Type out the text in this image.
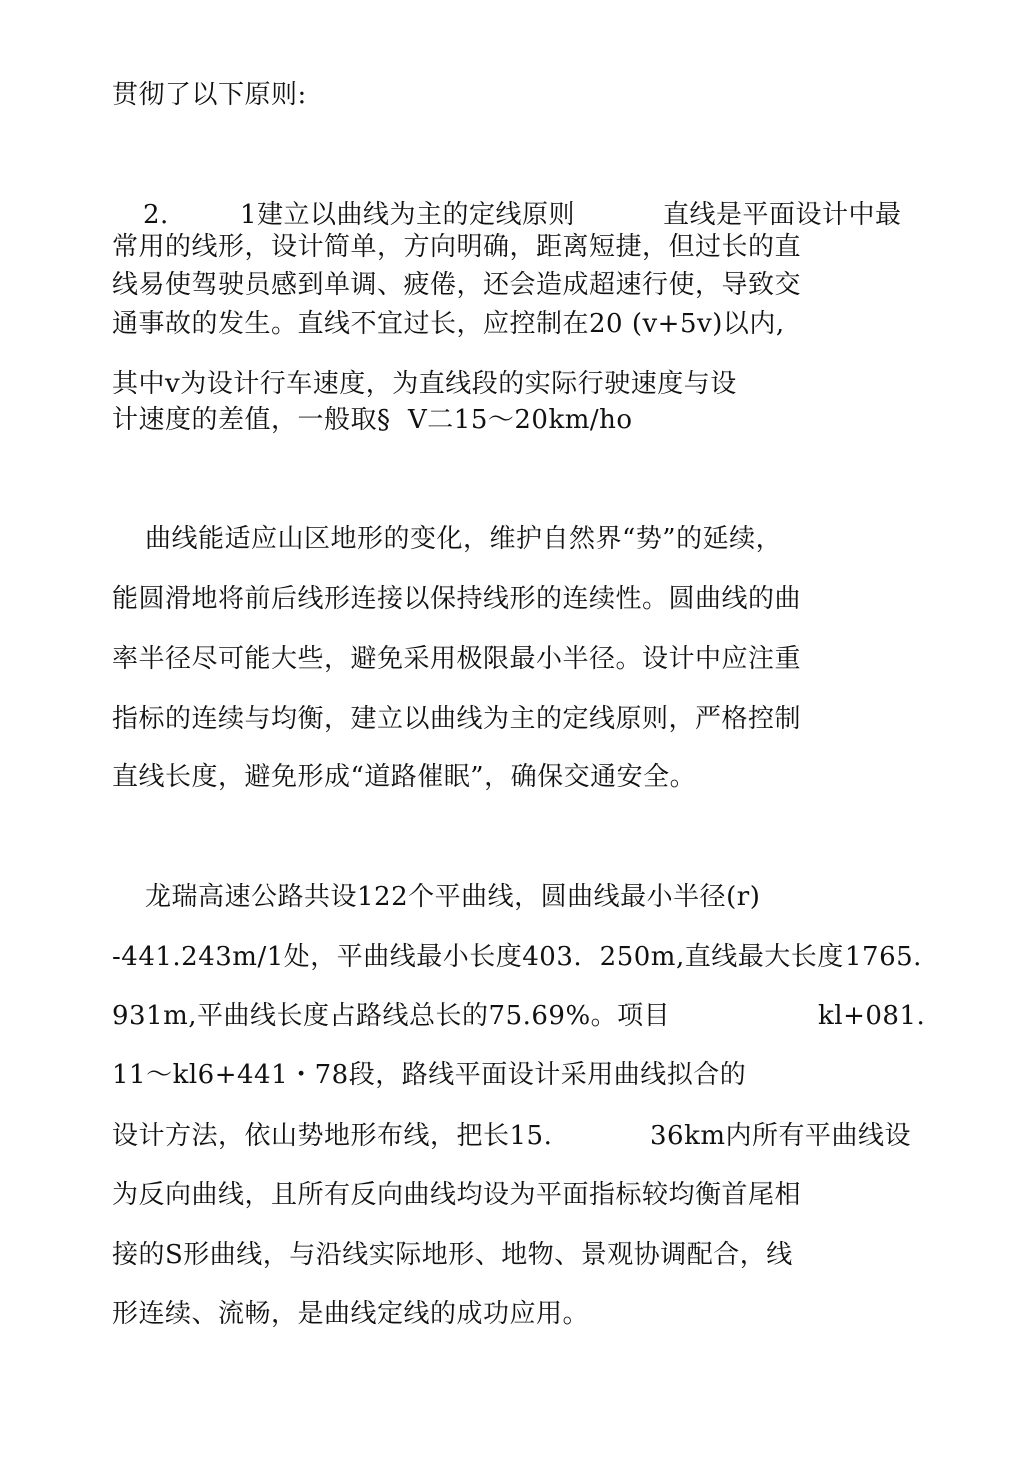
贯彻了以下原则:
2.	1建立以曲线为主的定线原则	直线是平面设计中最
常用的线形，设计简单，方向明确，距离短捷，但过长的直
线易使驾驶员感到单调、疲倦，还会造成超速行使，导致交
通事故的发生。直线不宜过长，应控制在20 (v+5v)以内,
其中v为设计行车速度，为直线段的实际行驶速度与设
计速度的差值，一般取§  V二15～20km/ho
曲线能适应山区地形的变化，维护自然界“势”的延续，
能圆滑地将前后线形连接以保持线形的连续性。圆曲线的曲
率半径尽可能大些，避免采用极限最小半径。设计中应注重
指标的连续与均衡，建立以曲线为主的定线原则，严格控制
直线长度，避免形成“道路催眠”，确保交通安全。
龙瑞高速公路共设122个平曲线，圆曲线最小半径(r)
-441.243m/1处，平曲线最小长度403.  250m,直线最大长度 1765.
931m,平曲线长度占路线总长的75.69%。项目	kl+081.
11～kl6+441・78段，路线平面设计采用曲线拟合的
设计方法，依山势地形布线，把长15.	36km内所有平曲线设
为反向曲线，且所有反向曲线均设为平面指标较均衡首尾相
接的S形曲线，与沿线实际地形、地物、景观协调配合，线
形连续、流畅，是曲线定线的成功应用。
